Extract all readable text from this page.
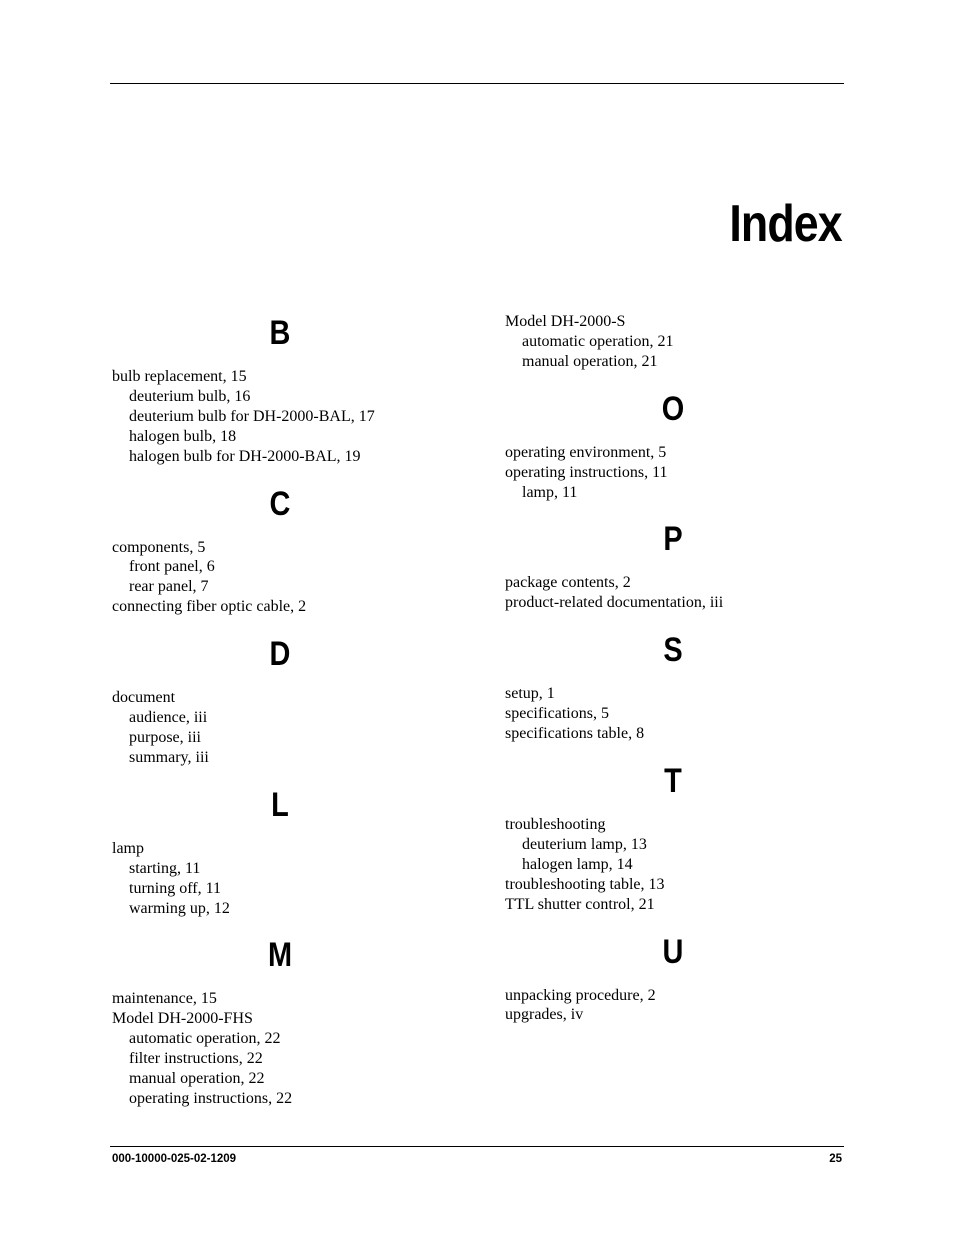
Index
B
bulb replacement, 15
deuterium bulb, 16
deuterium bulb for DH-2000-BAL, 17
halogen bulb, 18
halogen bulb for DH-2000-BAL, 19
C
components, 5
front panel, 6
rear panel, 7
connecting fiber optic cable, 2
D
document
audience, iii
purpose, iii
summary, iii
L
lamp
starting, 11
turning off, 11
warming up, 12
M
maintenance, 15
Model DH-2000-FHS
automatic operation, 22
filter instructions, 22
manual operation, 22
operating instructions, 22
Model DH-2000-S
automatic operation, 21
manual operation, 21
O
operating environment, 5
operating instructions, 11
lamp, 11
P
package contents, 2
product-related documentation, iii
S
setup, 1
specifications, 5
specifications table, 8
T
troubleshooting
deuterium lamp, 13
halogen lamp, 14
troubleshooting table, 13
TTL shutter control, 21
U
unpacking procedure, 2
upgrades, iv
000-10000-025-02-1209	25
